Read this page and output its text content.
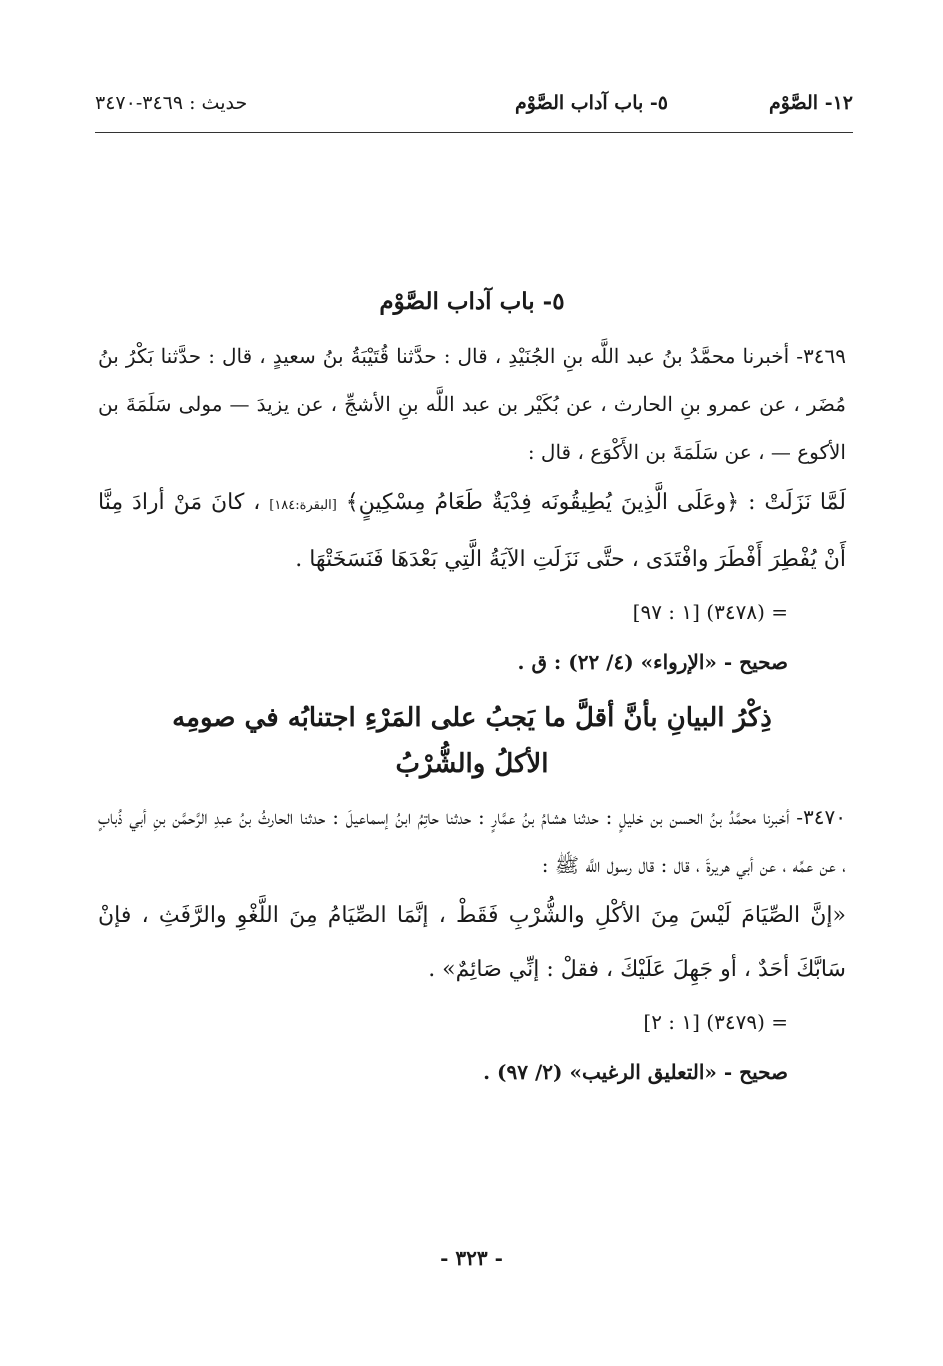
١٢- الصَّوْم
٥- باب آداب الصَّوْم
حديث : ٣٤٦٩-٣٤٧٠
٥- باب آداب الصَّوْم

٣٤٦٩- أخبرنا محمَّدُ بنُ عبد اللَّه بنِ الجُنَيْدِ ، قال : حدَّثنا قُتَيْبَةُ بنُ سعيدٍ ، قال : حدَّثنا بَكْرُ بنُ مُضَر ، عن عمرو بنِ الحارث ، عن بُكَيْر بن عبد اللَّه بنِ الأشجِّ ، عن يزيدَ — مولى سَلَمَةَ بن الأكوع — ، عن سَلَمَةَ بن الأَكْوَع ، قال :

لَمَّا نَزَلَتْ : ﴿وعَلَى الَّذِينَ يُطِيقُونَه فِدْيَةٌ طَعَامُ مِسْكِينٍ﴾ [البقرة:١٨٤] ، كانَ مَنْ أرادَ مِنَّا أَنْ يُفْطِرَ أَفْطَرَ وافْتَدَى ، حتَّى نَزَلَتِ الآيَةُ الَّتِي بَعْدَهَا فَنَسَخَتْهَا .

= (٣٤٧٨) [١ : ٩٧]

صحيح - «الإرواء» (٤/ ٢٢) : ق .

ذِكْرُ البيانِ بأنَّ أقلَّ ما يَجبُ على المَرْءِ اجتنابُه في صومِه
الأكلُ والشُّرْبُ

٣٤٧٠- أخبرنا محمَّدُ بنُ الحسن بن خليلٍ : حدثنا هشامُ بنُ عمَّارٍ : حدثنا حاتِمُ ابنُ إسماعيلَ : حدثنا الحارثُ بنُ عبدِ الرَّحمَّن بنِ أبي ذُبابٍ ، عن عمِّه ، عن أبي هريرةَ ، قال : قال رسول اللَّه ﷺ :

«إنَّ الصِّيَامَ لَيْسَ مِنَ الأكْلِ والشُّرْبِ فَقَطْ ، إنَّمَا الصِّيَامُ مِنَ اللَّغْوِ والرَّفَثِ ، فإنْ سَابَّكَ أحَدٌ ، أو جَهِلَ عَلَيْكَ ، فقلْ : إنِّي صَائِمٌ» .

= (٣٤٧٩) [١ : ٢]

صحيح - «التعليق الرغيب» (٢/ ٩٧) .

- ٣٢٣ -
